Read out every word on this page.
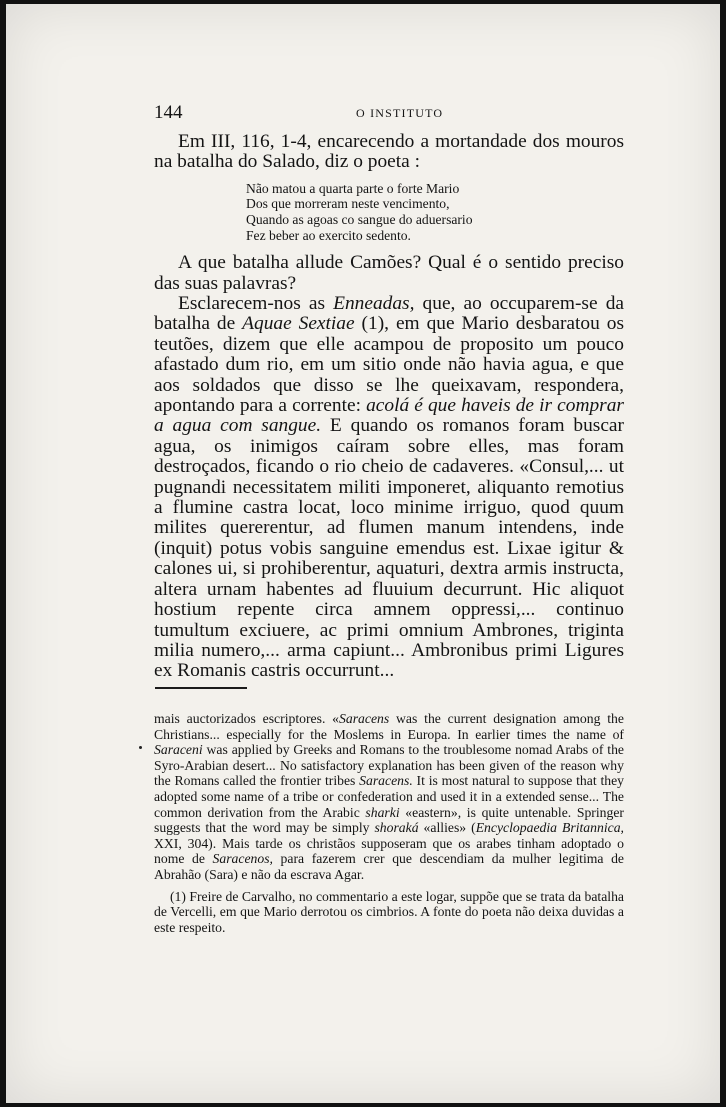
144	O INSTITUTO

Em III, 116, 1-4, encarecendo a mortandade dos mouros na batalha do Salado, diz o poeta :

Não matou a quarta parte o forte Mario
Dos que morreram neste vencimento,
Quando as agoas co sangue do aduersario
Fez beber ao exercito sedento.

A que batalha allude Camões? Qual é o sentido preciso das suas palavras?

Esclarecem-nos as Enneadas, que, ao occuparem-se da batalha de Aquae Sextiae (1), em que Mario desbaratou os teutões, dizem que elle acampou de proposito um pouco afastado dum rio, em um sitio onde não havia agua, e que aos soldados que disso se lhe queixavam, respondera, apontando para a corrente: acolá é que haveis de ir comprar a agua com sangue. E quando os romanos foram buscar agua, os inimigos caíram sobre elles, mas foram destroçados, ficando o rio cheio de cadaveres. «Consul,... ut pugnandi necessitatem militi imponeret, aliquanto remotius a flumine castra locat, loco minime irriguo, quod quum milites quererentur, ad flumen manum intendens, inde (inquit) potus vobis sanguine emendus est. Lixae igitur & calones ui, si prohiberentur, aquaturi, dextra armis instructa, altera urnam habentes ad fluuium decurrunt. Hic aliquot hostium repente circa amnem oppressi,... continuo tumultum exciuere, ac primi omnium Ambrones, triginta milia numero,... arma capiunt... Ambronibus primi Ligures ex Romanis castris occurrunt...

mais auctorizados escriptores. «Saracens was the current designation among the Christians... especially for the Moslems in Europa. In earlier times the name of Saraceni was applied by Greeks and Romans to the troublesome nomad Arabs of the Syro-Arabian desert... No satisfactory explanation has been given of the reason why the Romans called the frontier tribes Saracens. It is most natural to suppose that they adopted some name of a tribe or confederation and used it in a extended sense... The common derivation from the Arabic sharki «eastern», is quite untenable. Springer suggests that the word may be simply shoraká «allies» (Encyclopaedia Britannica, XXI, 304). Mais tarde os christãos supposeram que os arabes tinham adoptado o nome de Saracenos, para fazerem crer que descendiam da mulher legitima de Abrahão (Sara) e não da escrava Agar.

(1) Freire de Carvalho, no commentario a este logar, suppõe que se trata da batalha de Vercelli, em que Mario derrotou os cimbrios. A fonte do poeta não deixa duvidas a este respeito.
